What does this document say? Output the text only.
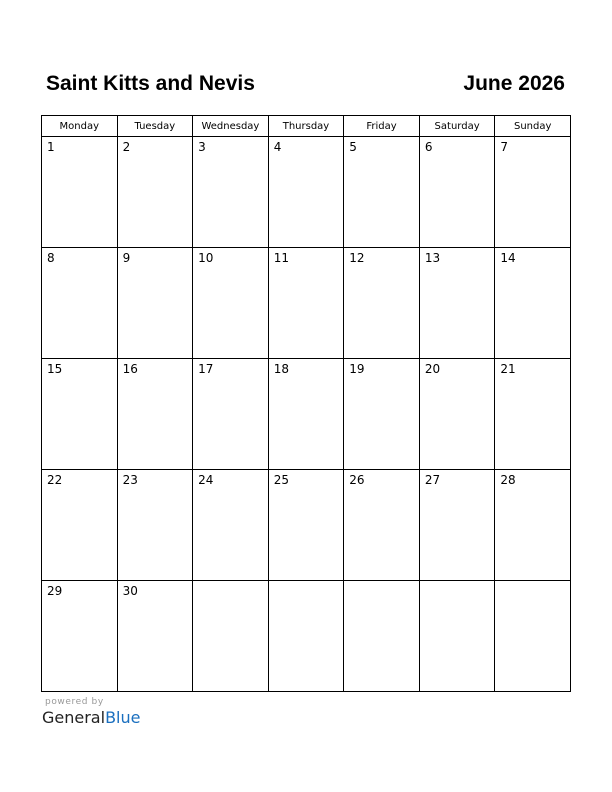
Saint Kitts and Nevis	June 2026
Monday	Tuesday	Wednesday	Thursday	Friday	Saturday	Sunday

1	2	3	4	5	6	7

8	9	10	11	12	13	14

15	16	17	18	19	20	21

22	23	24	25	26	27	28

29	30					

powered by
GeneralBlue
